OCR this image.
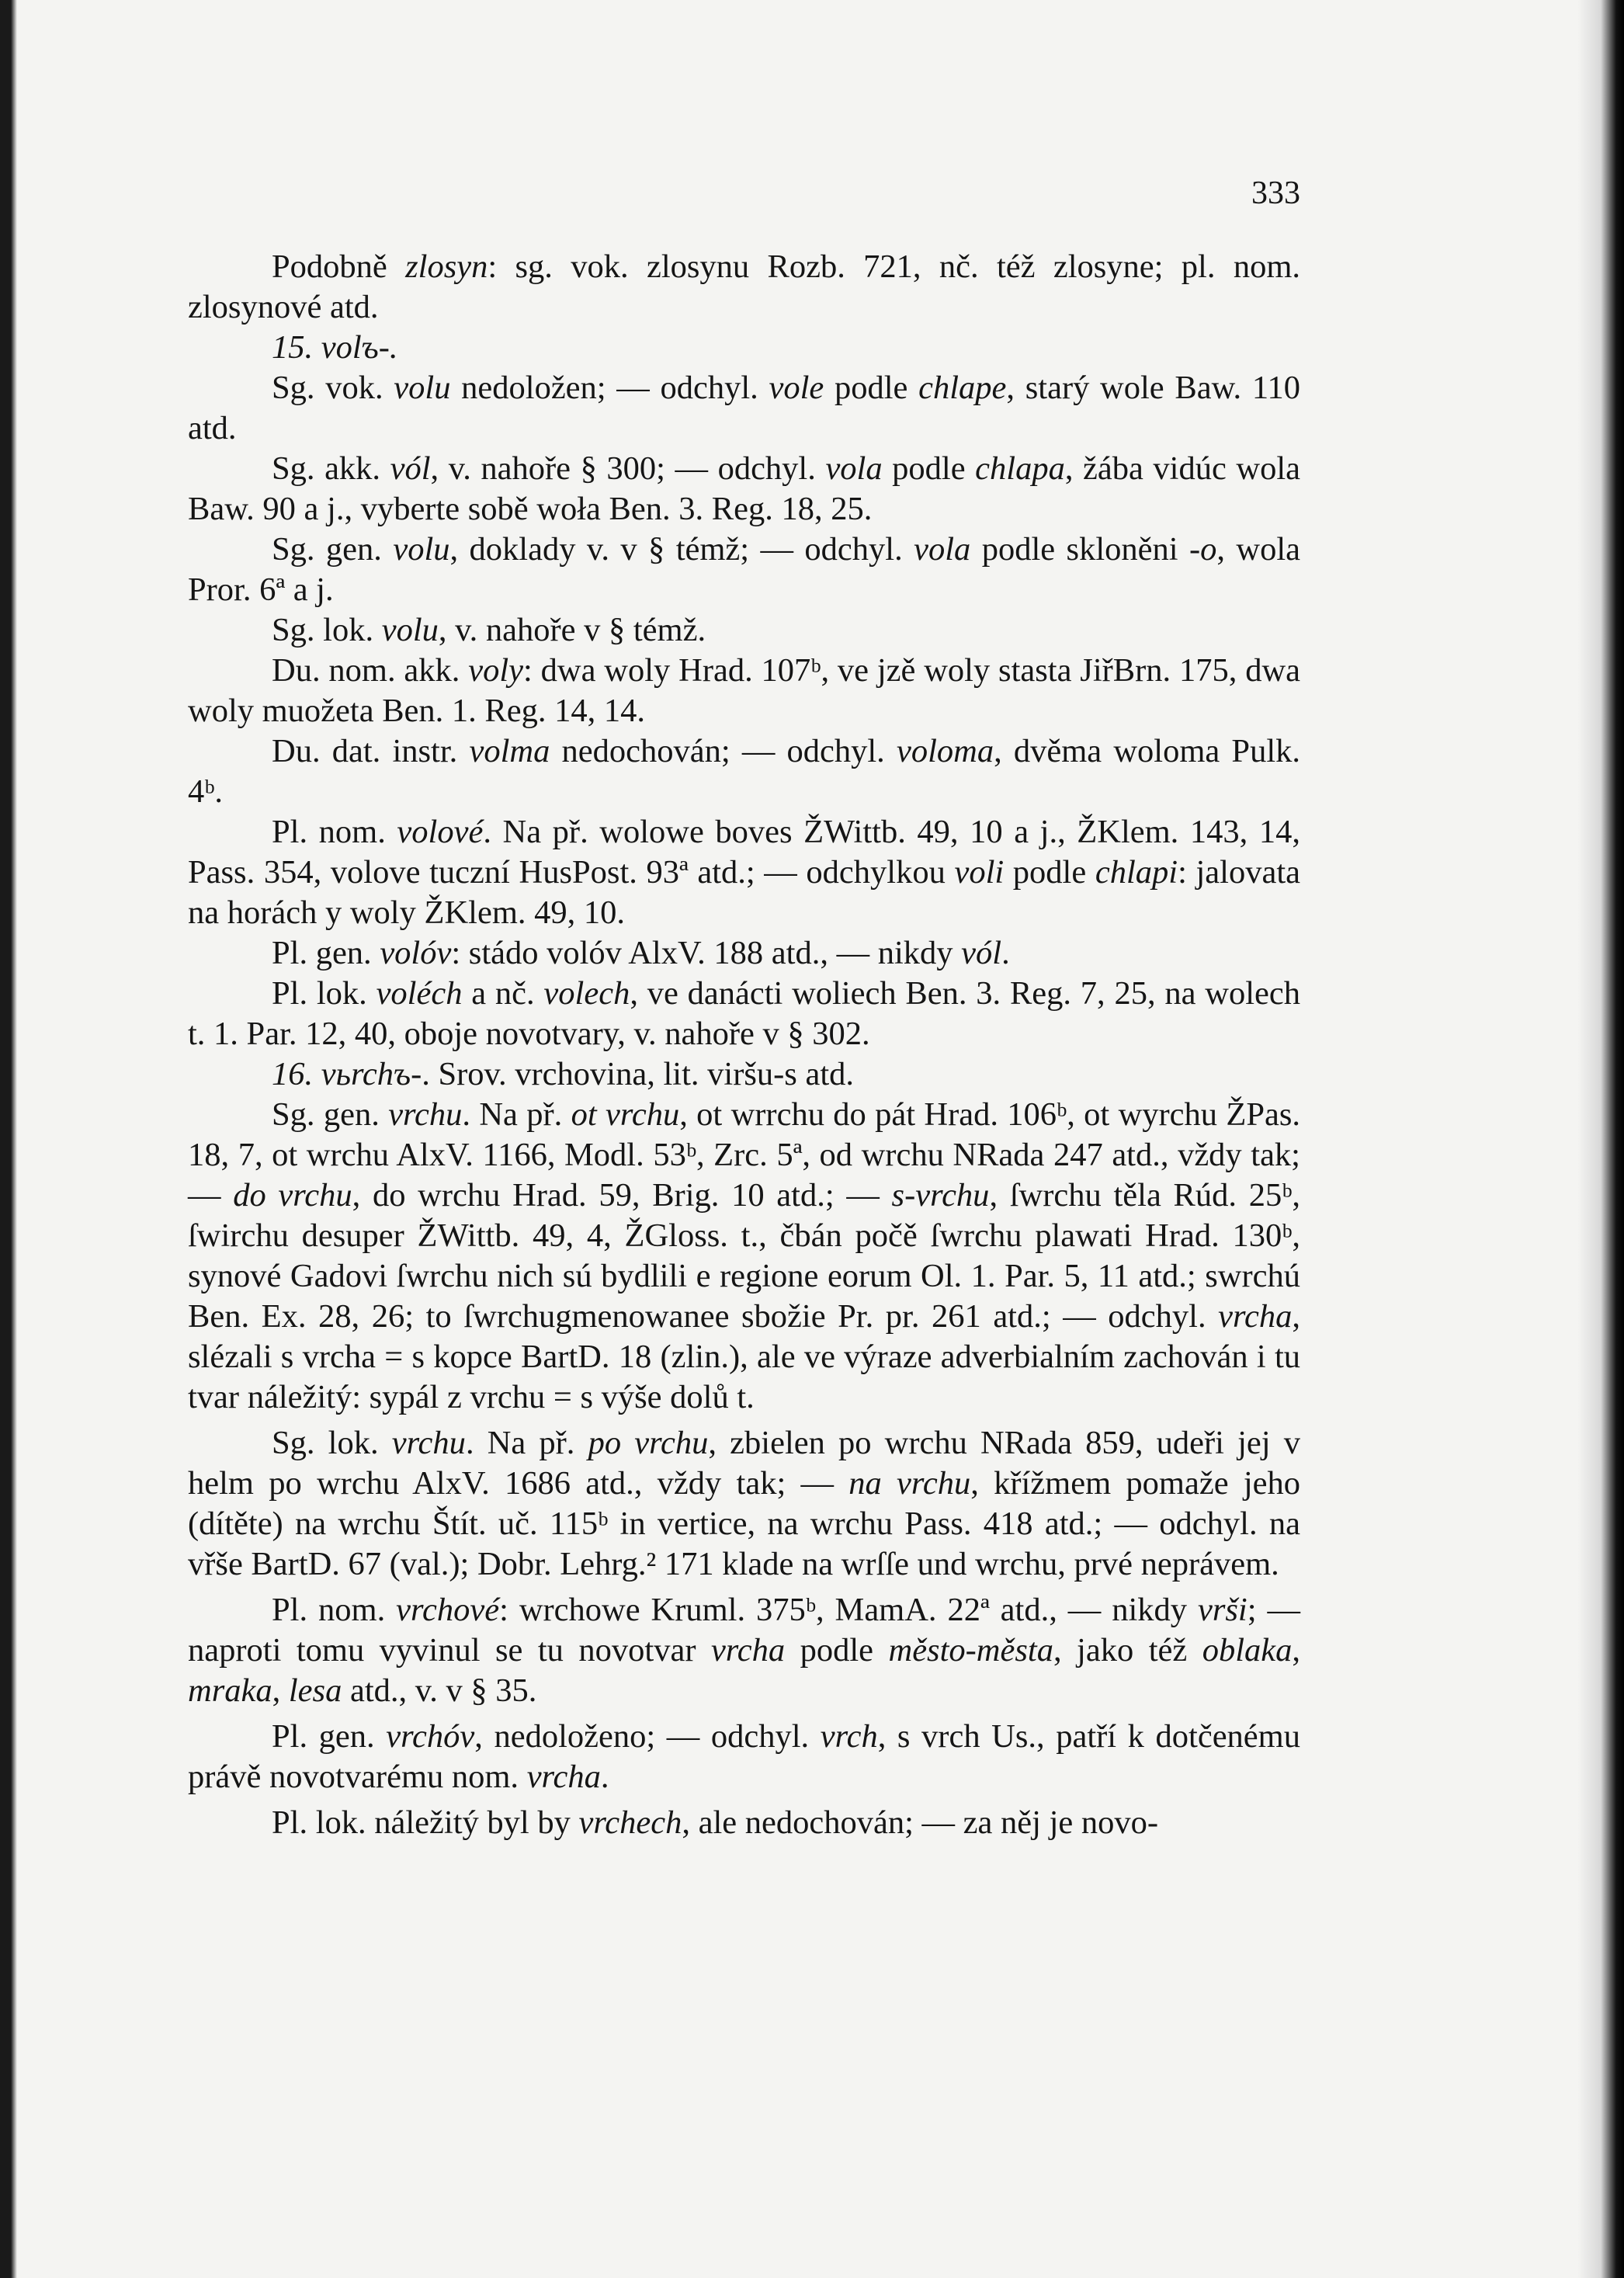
333

Podobně zlosyn: sg. vok. zlosynu Rozb. 721, nč. též zlosyne; pl. nom. zlosynové atd.

15. volъ-.

Sg. vok. volu nedoložen; — odchyl. vole podle chlape, starý wole Baw. 110 atd.

Sg. akk. vól, v. nahoře § 300; — odchyl. vola podle chlapa, žába vidúc wola Baw. 90 a j., vyberte sobě woła Ben. 3. Reg. 18, 25.

Sg. gen. volu, doklady v. v § témž; — odchyl. vola podle skloněni -o, wola Pror. 6ª a j.

Sg. lok. volu, v. nahoře v § témž.

Du. nom. akk. voly: dwa woly Hrad. 107ᵇ, ve jzě woly stasta JiřBrn. 175, dwa woly muožeta Ben. 1. Reg. 14, 14.

Du. dat. instr. volma nedochován; — odchyl. voloma, dvěma woloma Pulk. 4ᵇ.

Pl. nom. volové. Na př. wolowe boves ŽWittb. 49, 10 a j., ŽKlem. 143, 14, Pass. 354, volove tuczní HusPost. 93ª atd.; — odchylkou voli podle chlapi: jalovata na horách y woly ŽKlem. 49, 10.

Pl. gen. volóv: stádo volóv AlxV. 188 atd., — nikdy vól.

Pl. lok. voléch a nč. volech, ve danácti woliech Ben. 3. Reg. 7, 25, na wolech t. 1. Par. 12, 40, oboje novotvary, v. nahoře v § 302.

16. vьrchъ-. Srov. vrchovina, lit. viršu-s atd.

Sg. gen. vrchu. Na př. ot vrchu, ot wrrchu do pát Hrad. 106ᵇ, ot wyrchu ŽPas. 18, 7, ot wrchu AlxV. 1166, Modl. 53ᵇ, Zrc. 5ª, od wrchu NRada 247 atd., vždy tak; — do vrchu, do wrchu Hrad. 59, Brig. 10 atd.; — s-vrchu, ſwrchu těla Rúd. 25ᵇ, ſwirchu desuper ŽWittb. 49, 4, ŽGloss. t., čbán počě ſwrchu plawati Hrad. 130ᵇ, synové Gadovi ſwrchu nich sú bydlili e regione eorum Ol. 1. Par. 5, 11 atd.; swrchú Ben. Ex. 28, 26; to ſwrchugmenowanee sbožie Pr. pr. 261 atd.; — odchyl. vrcha, slézali s vrcha = s kopce BartD. 18 (zlin.), ale ve výraze adverbialním zachován i tu tvar náležitý: sypál z vrchu = s výše dolů t.

Sg. lok. vrchu. Na př. po vrchu, zbielen po wrchu NRada 859, udeři jej v helm po wrchu AlxV. 1686 atd., vždy tak; — na vrchu, křížmem pomaže jeho (dítěte) na wrchu Štít. uč. 115ᵇ in vertice, na wrchu Pass. 418 atd.; — odchyl. na vřše BartD. 67 (val.); Dobr. Lehrg.² 171 klade na wrſſe und wrchu, prvé neprávem.

Pl. nom. vrchové: wrchowe Kruml. 375ᵇ, MamA. 22ª atd., — nikdy vrši; — naproti tomu vyvinul se tu novotvar vrcha podle město-města, jako též oblaka, mraka, lesa atd., v. v § 35.

Pl. gen. vrchóv, nedoloženo; — odchyl. vrch, s vrch Us., patří k dotčenému právě novotvarému nom. vrcha.

Pl. lok. náležitý byl by vrchech, ale nedochován; — za něj je novo-
